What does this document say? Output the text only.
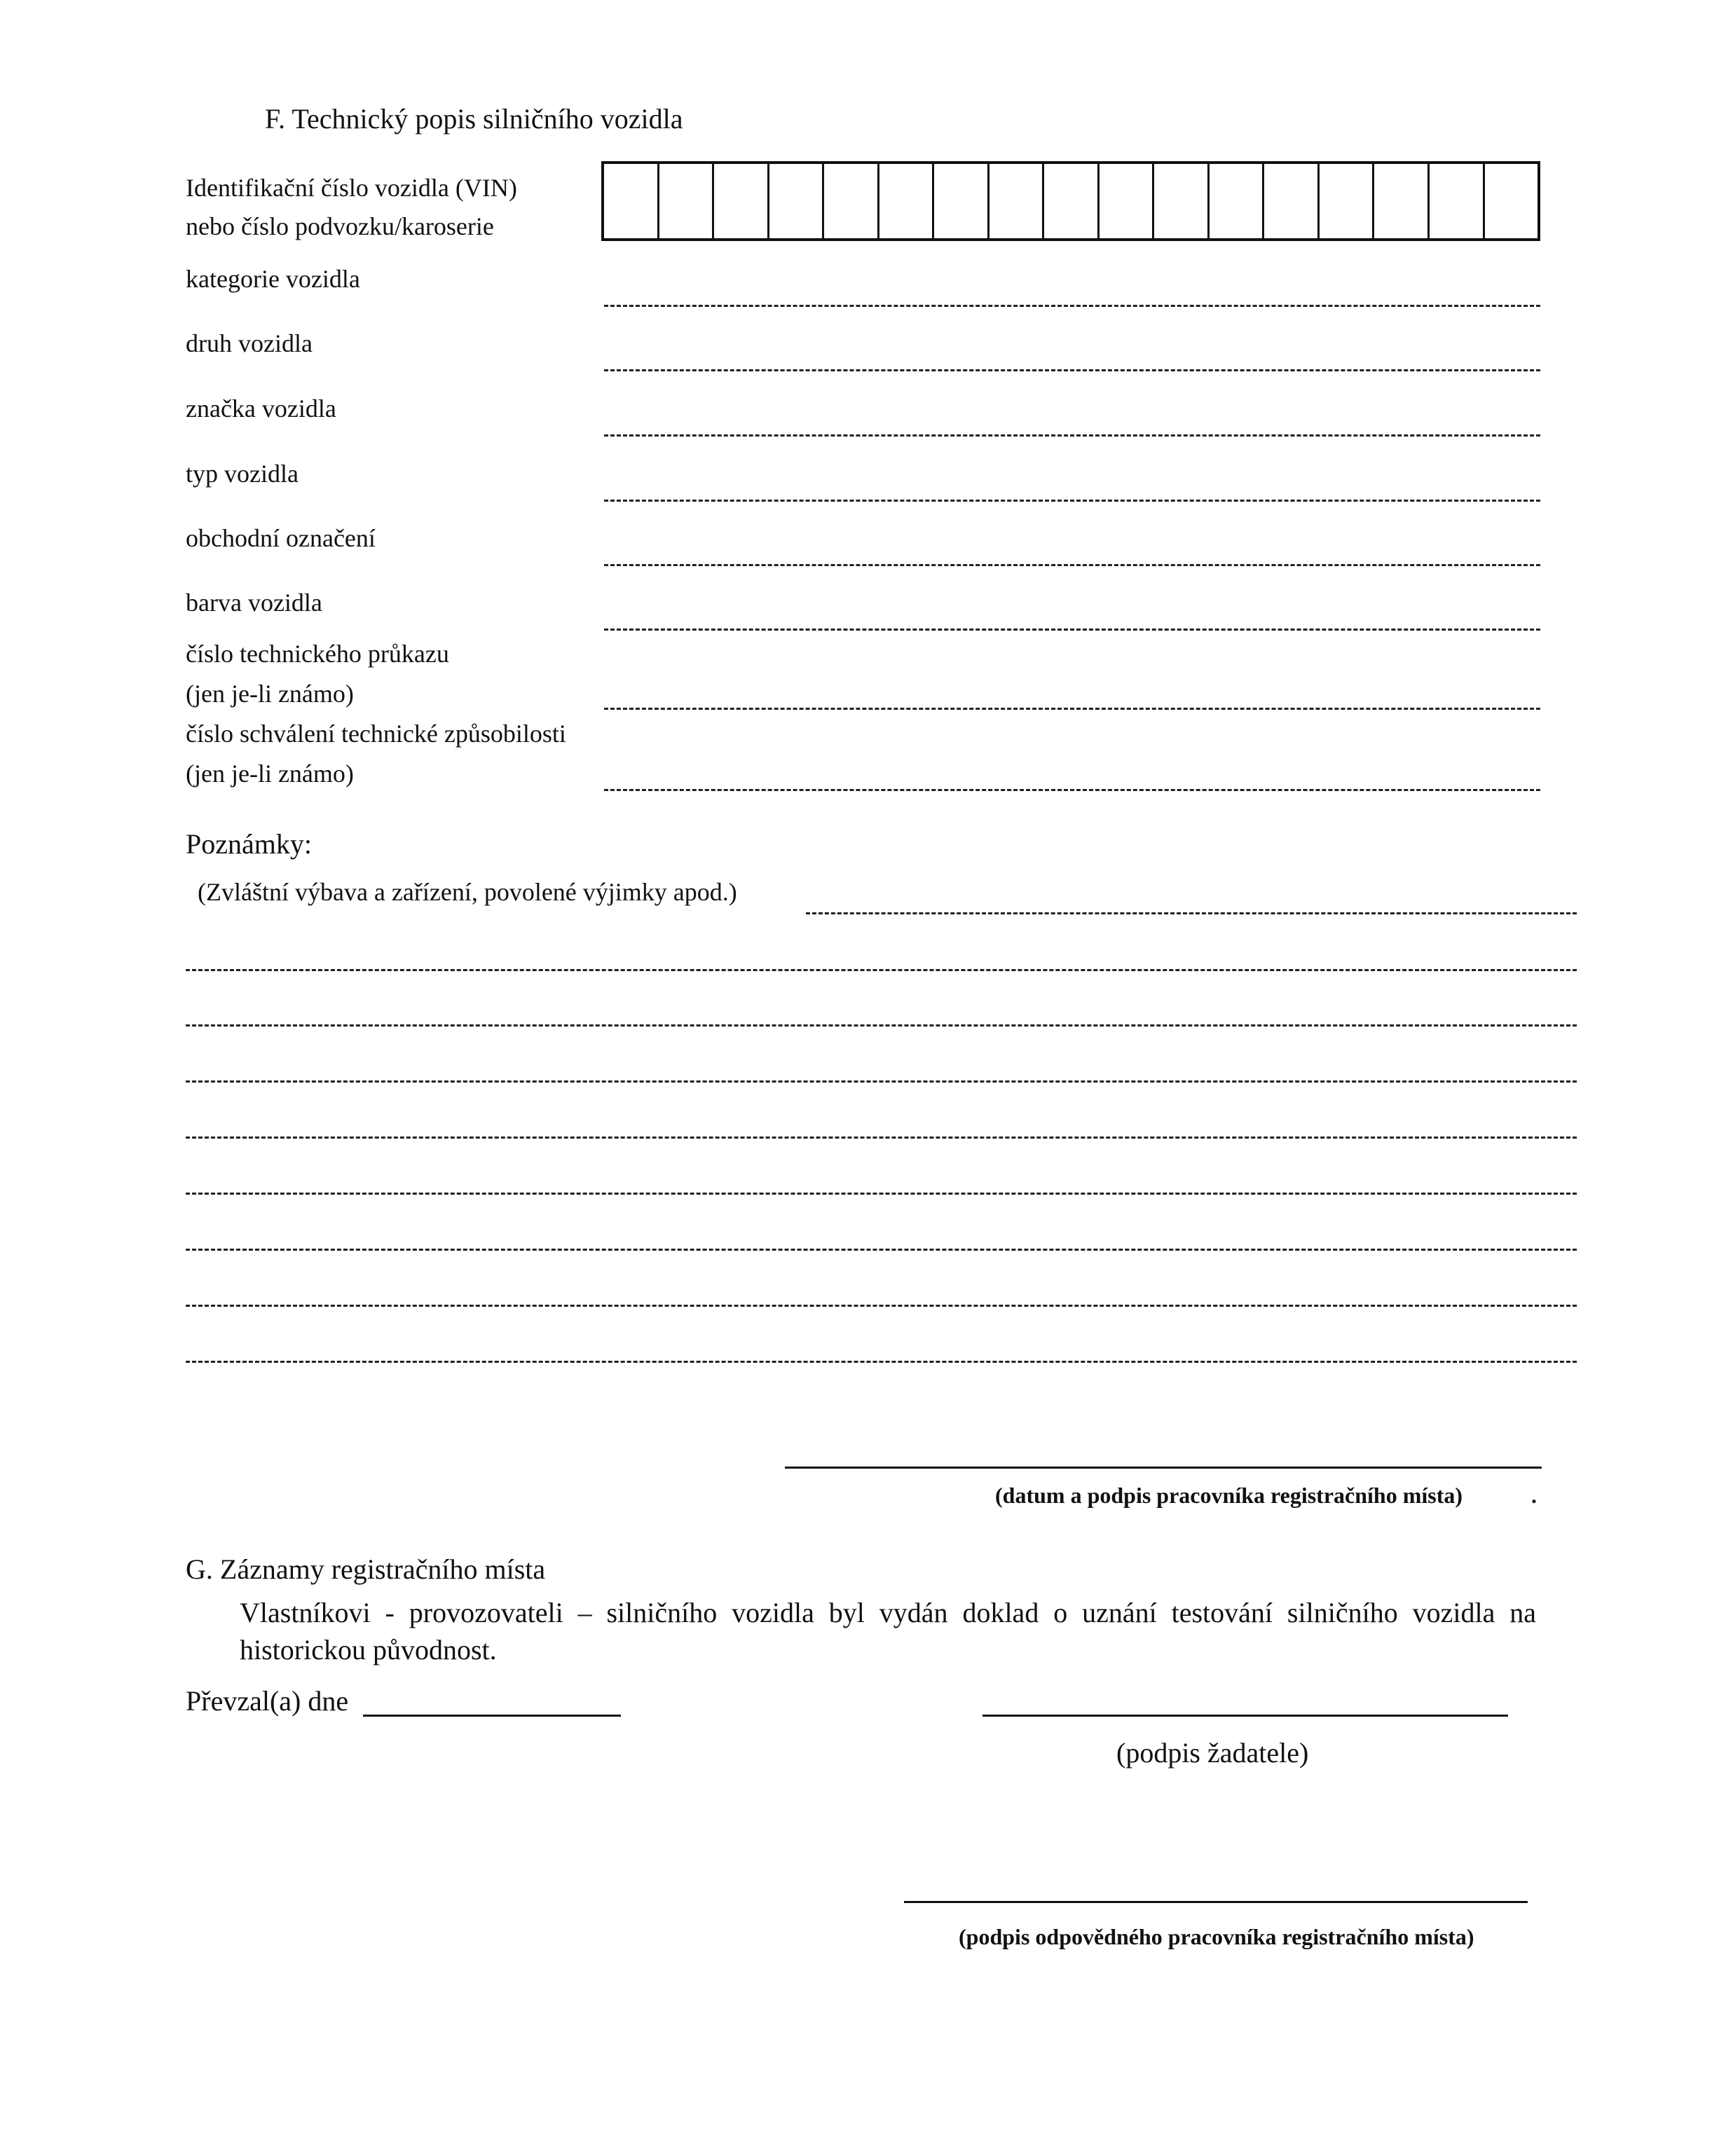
F. Technický popis silničního vozidla
Identifikační číslo vozidla (VIN)
nebo číslo podvozku/karoserie
kategorie vozidla
druh vozidla
značka vozidla
typ vozidla
obchodní označení
barva vozidla
číslo technického průkazu
(jen je-li známo)
číslo schválení technické způsobilosti
(jen je-li známo)
Poznámky:
(Zvláštní výbava a zařízení, povolené výjimky apod.)
(datum a podpis pracovníka registračního místa)	.
G. Záznamy registračního místa
Vlastníkovi - provozovateli – silničního vozidla byl vydán doklad o uznání testování silničního vozidla na
historickou původnost.
Převzal(a) dne
(podpis žadatele)
(podpis odpovědného pracovníka registračního místa)
